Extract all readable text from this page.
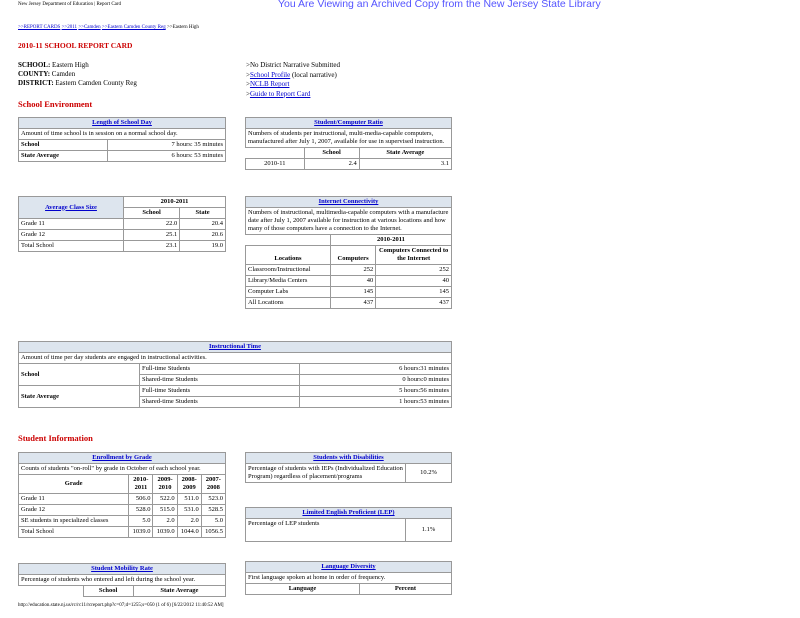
New Jersey Department of Education | Report Card	You Are Viewing an Archived Copy from the New Jersey State Library
>>REPORT CARDS >>2011 >>Camden >>Eastern Camden County Reg >>Eastern High
2010-11 SCHOOL REPORT CARD
SCHOOL: Eastern High
COUNTY: Camden
DISTRICT: Eastern Camden County Reg
>No District Narrative Submitted
>School Profile (local narrative)
>NCLB Report
>Guide to Report Card
School Environment
Length of School Day	
Amount of time school is in session on a normal school day.	
School	7 hours: 35 minutes
State Average	6 hours: 53 minutes
Student/Computer Ratio		
Numbers of students per instructional, multi-media-capable computers, manufactured after July 1, 2007, available for use in supervised instruction.		
	School	State Average
2010-11	2.4	3.1
Average Class Size	2010-2011	
	School	State
Grade 11	22.0	20.4
Grade 12	25.1	20.6
Total School	23.1	19.0
Internet Connectivity		
Numbers of instructional, multimedia-capable computers with a manufacture date after July 1, 2007 available for instruction at various locations and how many of those computers have a connection to the Internet.		
	2010-2011	
Locations	Computers	Computers Connected to the Internet
Classroom/Instructional	252	252
Library/Media Centers	40	40
Computer Labs	145	145
All Locations	437	437
Instructional Time		
Amount of time per day students are engaged in instructional activities.		
School	Full-time Students	6 hours:31 minutes
	Shared-time Students	0 hours:0 minutes
State Average	Full-time Students	5 hours:56 minutes
	Shared-time Students	1 hours:53 minutes
Student Information
Enrollment by Grade				
Counts of students "on-roll" by grade in October of each school year.				
Grade	2010-2011	2009-2010	2008-2009	2007-2008
Grade 11	506.0	522.0	511.0	523.0
Grade 12	528.0	515.0	531.0	528.5
SE students in specialized classes	5.0	2.0	2.0	5.0
Total School	1039.0	1039.0	1044.0	1056.5
Students with Disabilities
Percentage of students with IEPs (Individualized Education Program) regardless of placement/programs	10.2%
Limited English Proficient (LEP)
Percentage of LEP students	1.1%
Student Mobility Rate
Percentage of students who entered and left during the school year.
	School	State Average
Language Diversity
First language spoken at home in order of frequency.
Language	Percent
http://education.state.nj.us/rc/rc11/rcreport.php?c=07;d=1255;s=050 (1 of 6) [6/22/2012 11:40:52 AM]
